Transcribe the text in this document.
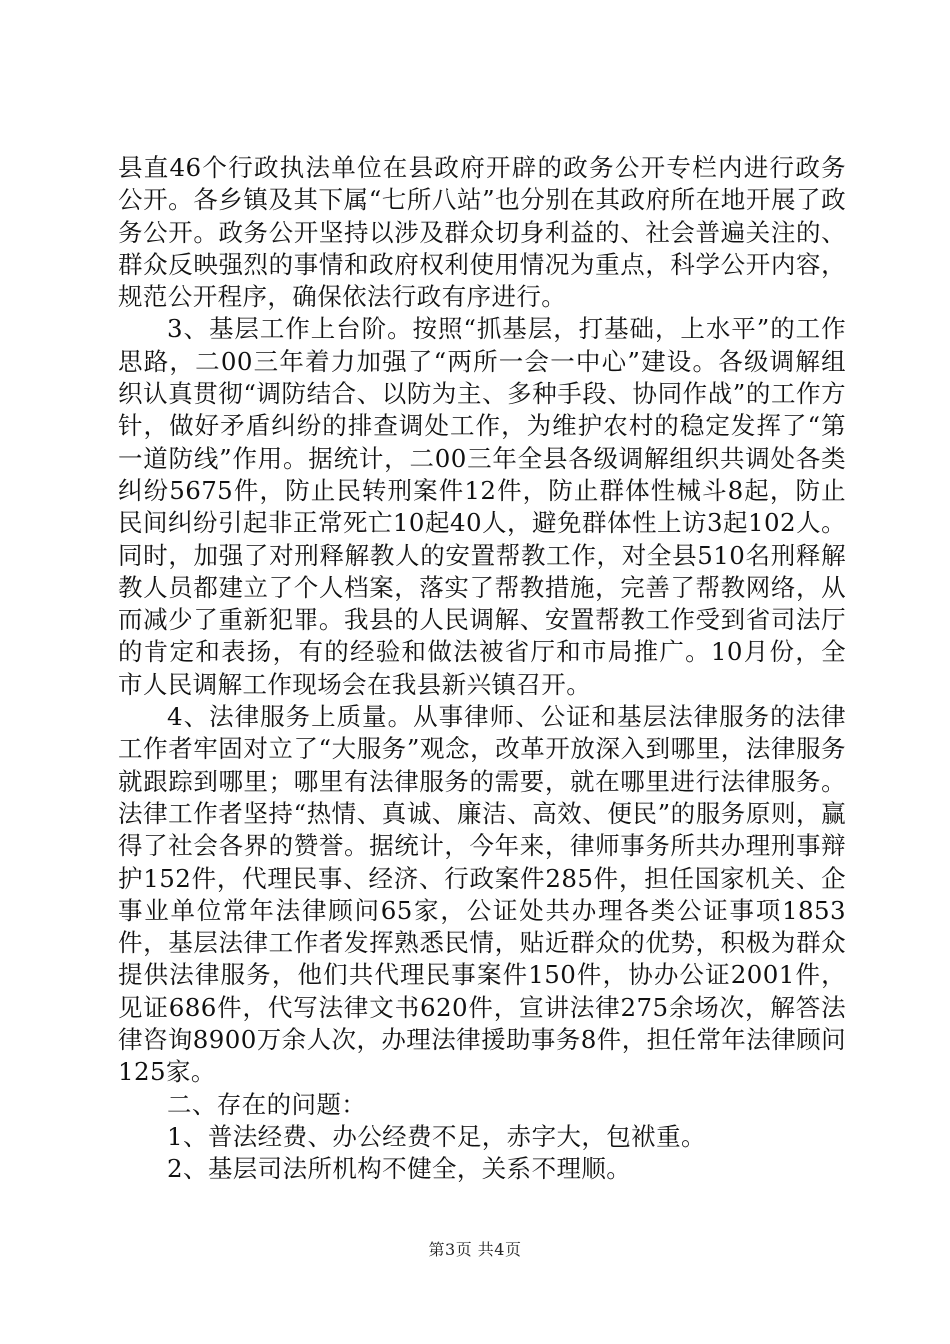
县直46个行政执法单位在县政府开辟的政务公开专栏内进行政务公开。各乡镇及其下属“七所八站”也分别在其政府所在地开展了政务公开。政务公开坚持以涉及群众切身利益的、社会普遍关注的、群众反映强烈的事情和政府权利使用情况为重点，科学公开内容，规范公开程序，确保依法行政有序进行。

3、基层工作上台阶。按照“抓基层，打基础，上水平”的工作思路，二00三年着力加强了“两所一会一中心”建设。各级调解组织认真贯彻“调防结合、以防为主、多种手段、协同作战”的工作方针，做好矛盾纠纷的排查调处工作，为维护农村的稳定发挥了“第一道防线”作用。据统计，二00三年全县各级调解组织共调处各类纠纷5675件，防止民转刑案件12件，防止群体性械斗8起，防止民间纠纷引起非正常死亡10起40人，避免群体性上访3起102人。同时，加强了对刑释解教人的安置帮教工作，对全县510名刑释解教人员都建立了个人档案，落实了帮教措施，完善了帮教网络，从而减少了重新犯罪。我县的人民调解、安置帮教工作受到省司法厅的肯定和表扬，有的经验和做法被省厅和市局推广。10月份，全市人民调解工作现场会在我县新兴镇召开。

4、法律服务上质量。从事律师、公证和基层法律服务的法律工作者牢固对立了“大服务”观念，改革开放深入到哪里，法律服务就跟踪到哪里；哪里有法律服务的需要，就在哪里进行法律服务。法律工作者坚持“热情、真诚、廉洁、高效、便民”的服务原则，赢得了社会各界的赞誉。据统计，今年来，律师事务所共办理刑事辩护152件，代理民事、经济、行政案件285件，担任国家机关、企事业单位常年法律顾问65家，公证处共办理各类公证事项1853件，基层法律工作者发挥熟悉民情，贴近群众的优势，积极为群众提供法律服务，他们共代理民事案件150件，协办公证2001件，见证686件，代写法律文书620件，宣讲法律275余场次，解答法律咨询8900万余人次，办理法律援助事务8件，担任常年法律顾问125家。

二、存在的问题：

1、普法经费、办公经费不足，赤字大，包袱重。

2、基层司法所机构不健全，关系不理顺。

第3页 共4页
